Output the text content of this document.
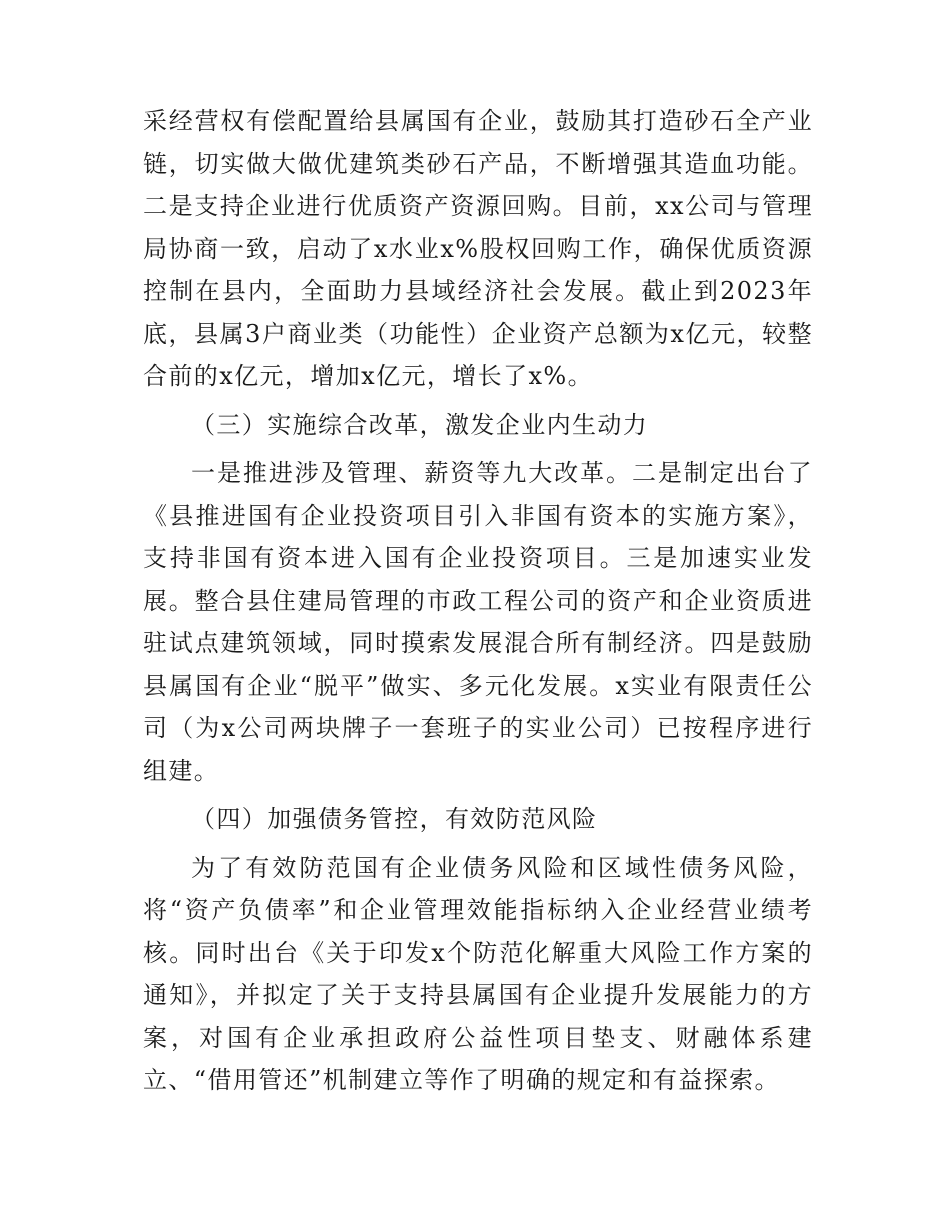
采经营权有偿配置给县属国有企业，鼓励其打造砂石全产业链，切实做大做优建筑类砂石产品，不断增强其造血功能。二是支持企业进行优质资产资源回购。目前，xx公司与管理局协商一致，启动了x水业x%股权回购工作，确保优质资源控制在县内，全面助力县域经济社会发展。截止到2023年底，县属3户商业类（功能性）企业资产总额为x亿元，较整合前的x亿元，增加x亿元，增长了x%。

（三）实施综合改革，激发企业内生动力

一是推进涉及管理、薪资等九大改革。二是制定出台了《县推进国有企业投资项目引入非国有资本的实施方案》，支持非国有资本进入国有企业投资项目。三是加速实业发展。整合县住建局管理的市政工程公司的资产和企业资质进驻试点建筑领域，同时摸索发展混合所有制经济。四是鼓励县属国有企业“脱平”做实、多元化发展。x实业有限责任公司（为x公司两块牌子一套班子的实业公司）已按程序进行组建。

（四）加强债务管控，有效防范风险

为了有效防范国有企业债务风险和区域性债务风险，将“资产负债率”和企业管理效能指标纳入企业经营业绩考核。同时出台《关于印发x个防范化解重大风险工作方案的通知》，并拟定了关于支持县属国有企业提升发展能力的方案，对国有企业承担政府公益性项目垫支、财融体系建立、“借用管还”机制建立等作了明确的规定和有益探索。
